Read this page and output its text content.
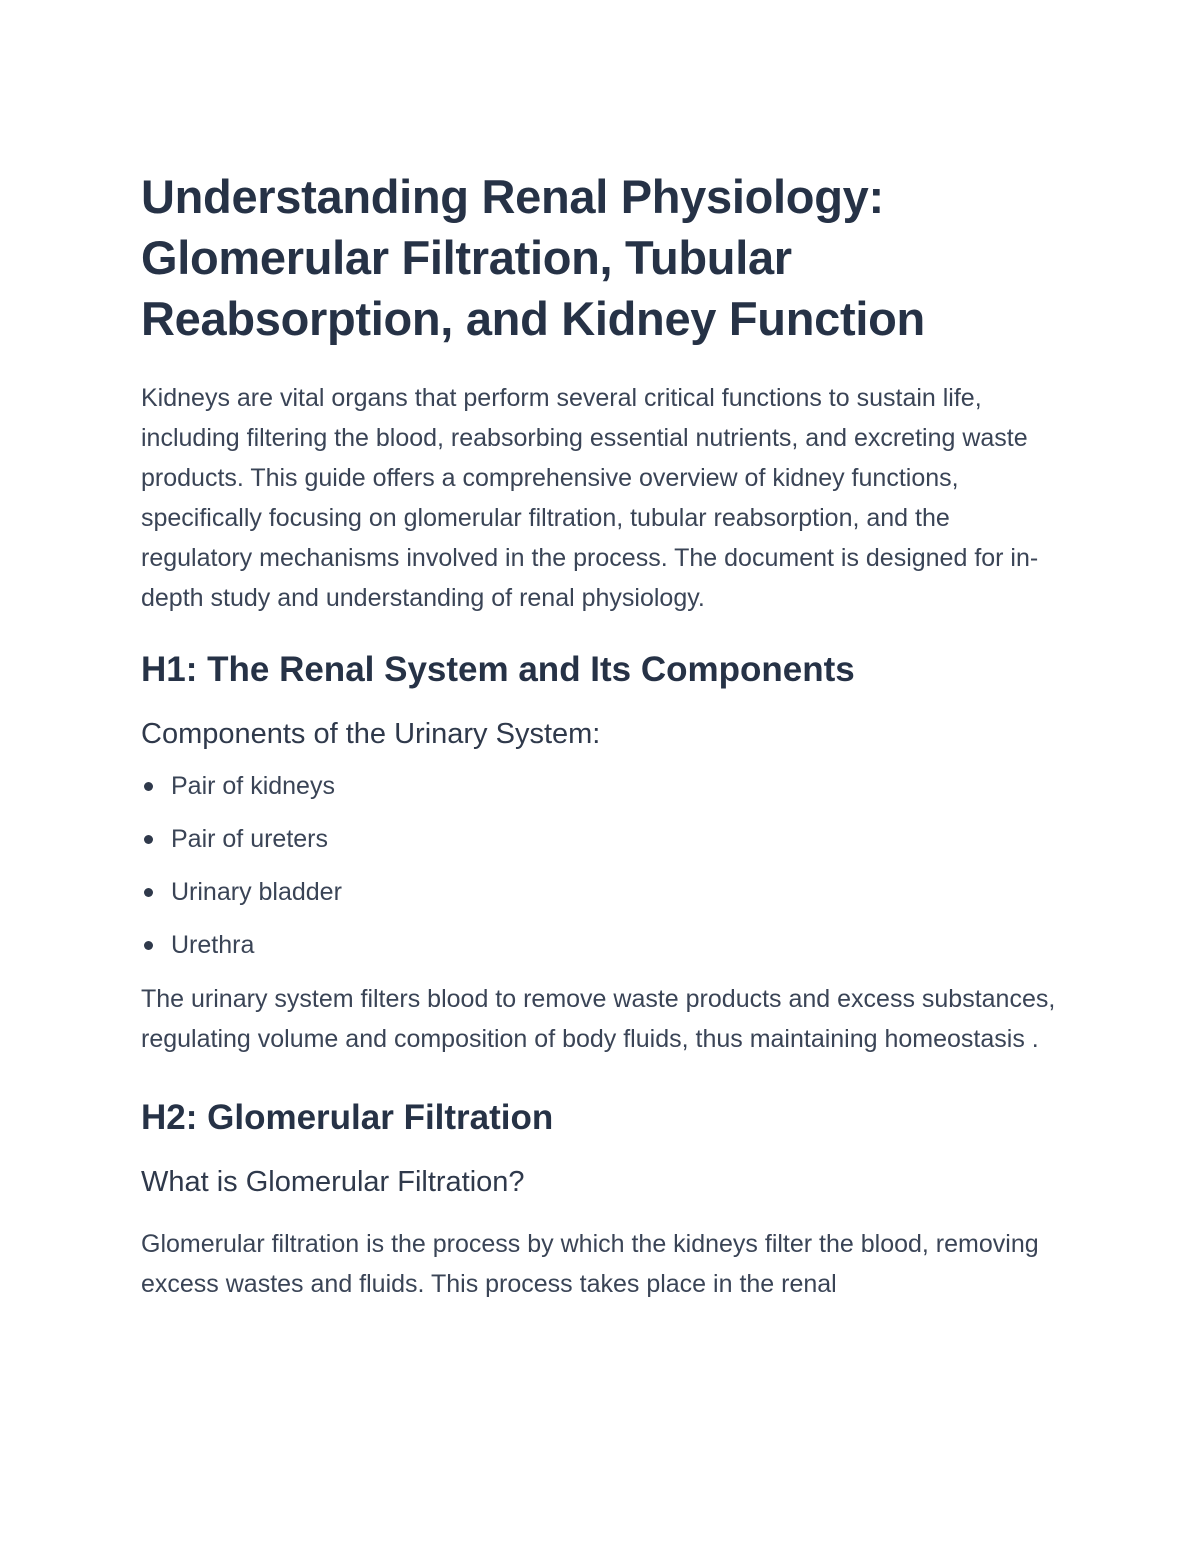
Understanding Renal Physiology: Glomerular Filtration, Tubular Reabsorption, and Kidney Function

Kidneys are vital organs that perform several critical functions to sustain life, including filtering the blood, reabsorbing essential nutrients, and excreting waste products. This guide offers a comprehensive overview of kidney functions, specifically focusing on glomerular filtration, tubular reabsorption, and the regulatory mechanisms involved in the process. The document is designed for in-depth study and understanding of renal physiology.

H1: The Renal System and Its Components
Components of the Urinary System:
Pair of kidneys
Pair of ureters
Urinary bladder
Urethra

The urinary system filters blood to remove waste products and excess substances, regulating volume and composition of body fluids, thus maintaining homeostasis .

H2: Glomerular Filtration
What is Glomerular Filtration?

Glomerular filtration is the process by which the kidneys filter the blood, removing excess wastes and fluids. This process takes place in the renal
